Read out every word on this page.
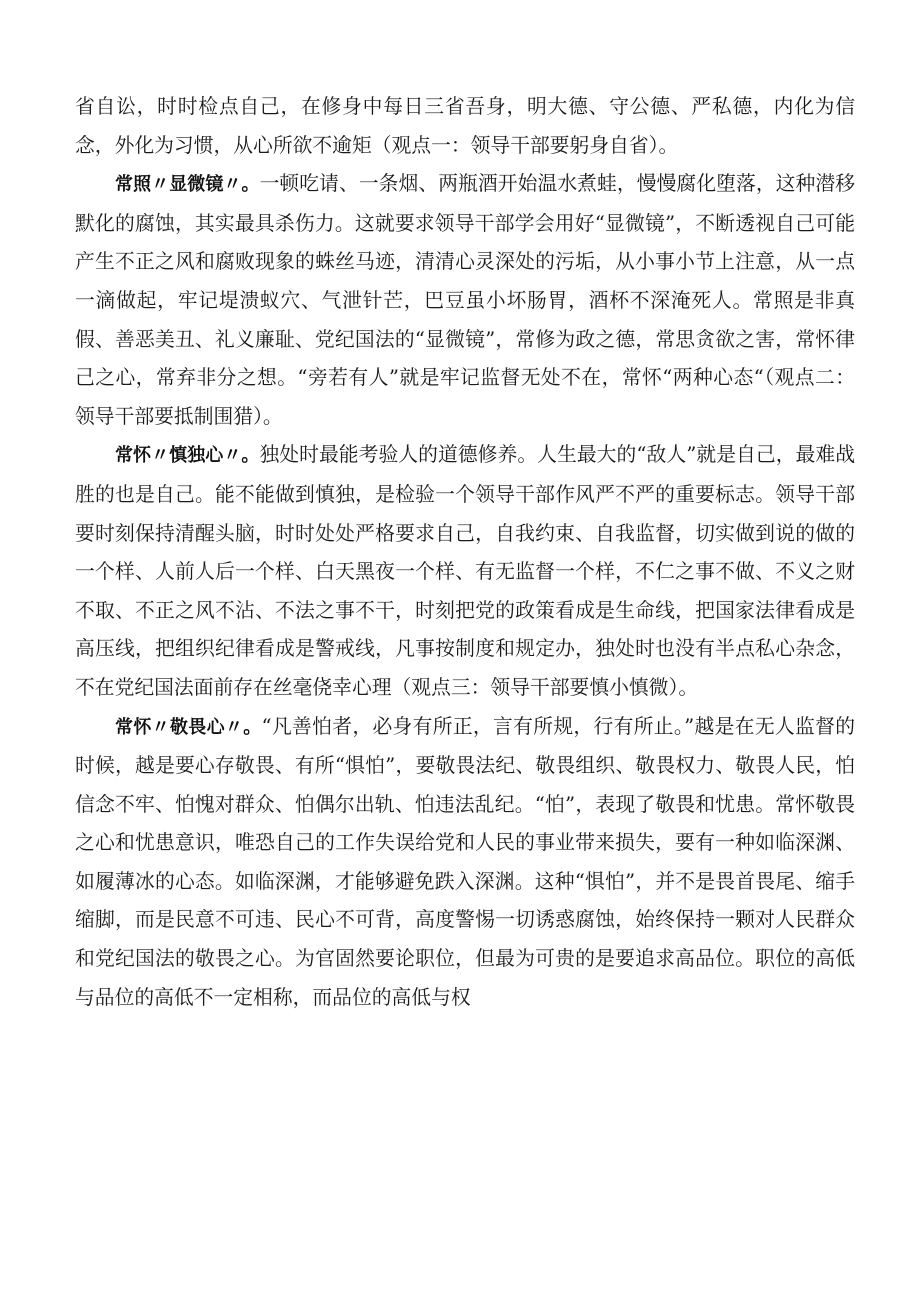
省自讼，时时检点自己，在修身中每日三省吾身，明大德、守公德、严私德，内化为信念，外化为习惯，从心所欲不逾矩（观点一：领导干部要躬身自省）。

常照〃显微镜〃。一顿吃请、一条烟、两瓶酒开始温水煮蛙，慢慢腐化堕落，这种潜移默化的腐蚀，其实最具杀伤力。这就要求领导干部学会用好“显微镜”，不断透视自己可能产生不正之风和腐败现象的蛛丝马迹，清清心灵深处的污垢，从小事小节上注意，从一点一滴做起，牢记堤溃蚁穴、气泄针芒，巴豆虽小坏肠胃，酒杯不深淹死人。常照是非真假、善恶美丑、礼义廉耻、党纪国法的“显微镜”，常修为政之德，常思贪欲之害，常怀律己之心，常弃非分之想。“旁若有人”就是牢记监督无处不在，常怀“两种心态“（观点二：领导干部要抵制围猎）。

常怀〃慎独心〃。独处时最能考验人的道德修养。人生最大的“敌人”就是自己，最难战胜的也是自己。能不能做到慎独，是检验一个领导干部作风严不严的重要标志。领导干部要时刻保持清醒头脑，时时处处严格要求自己，自我约束、自我监督，切实做到说的做的一个样、人前人后一个样、白天黑夜一个样、有无监督一个样，不仁之事不做、不义之财不取、不正之风不沾、不法之事不干，时刻把党的政策看成是生命线，把国家法律看成是高压线，把组织纪律看成是警戒线，凡事按制度和规定办，独处时也没有半点私心杂念，不在党纪国法面前存在丝毫侥幸心理（观点三：领导干部要慎小慎微）。

常怀〃敬畏心〃。“凡善怕者，必身有所正，言有所规，行有所止。”越是在无人监督的时候，越是要心存敬畏、有所“惧怕”，要敬畏法纪、敬畏组织、敬畏权力、敬畏人民，怕信念不牢、怕愧对群众、怕偶尔出轨、怕违法乱纪。“怕”，表现了敬畏和忧患。常怀敬畏之心和忧患意识，唯恐自己的工作失误给党和人民的事业带来损失，要有一种如临深渊、如履薄冰的心态。如临深渊，才能够避免跌入深渊。这种“惧怕”，并不是畏首畏尾、缩手缩脚，而是民意不可违、民心不可背，高度警惕一切诱惑腐蚀，始终保持一颗对人民群众和党纪国法的敬畏之心。为官固然要论职位，但最为可贵的是要追求高品位。职位的高低与品位的高低不一定相称，而品位的高低与权
